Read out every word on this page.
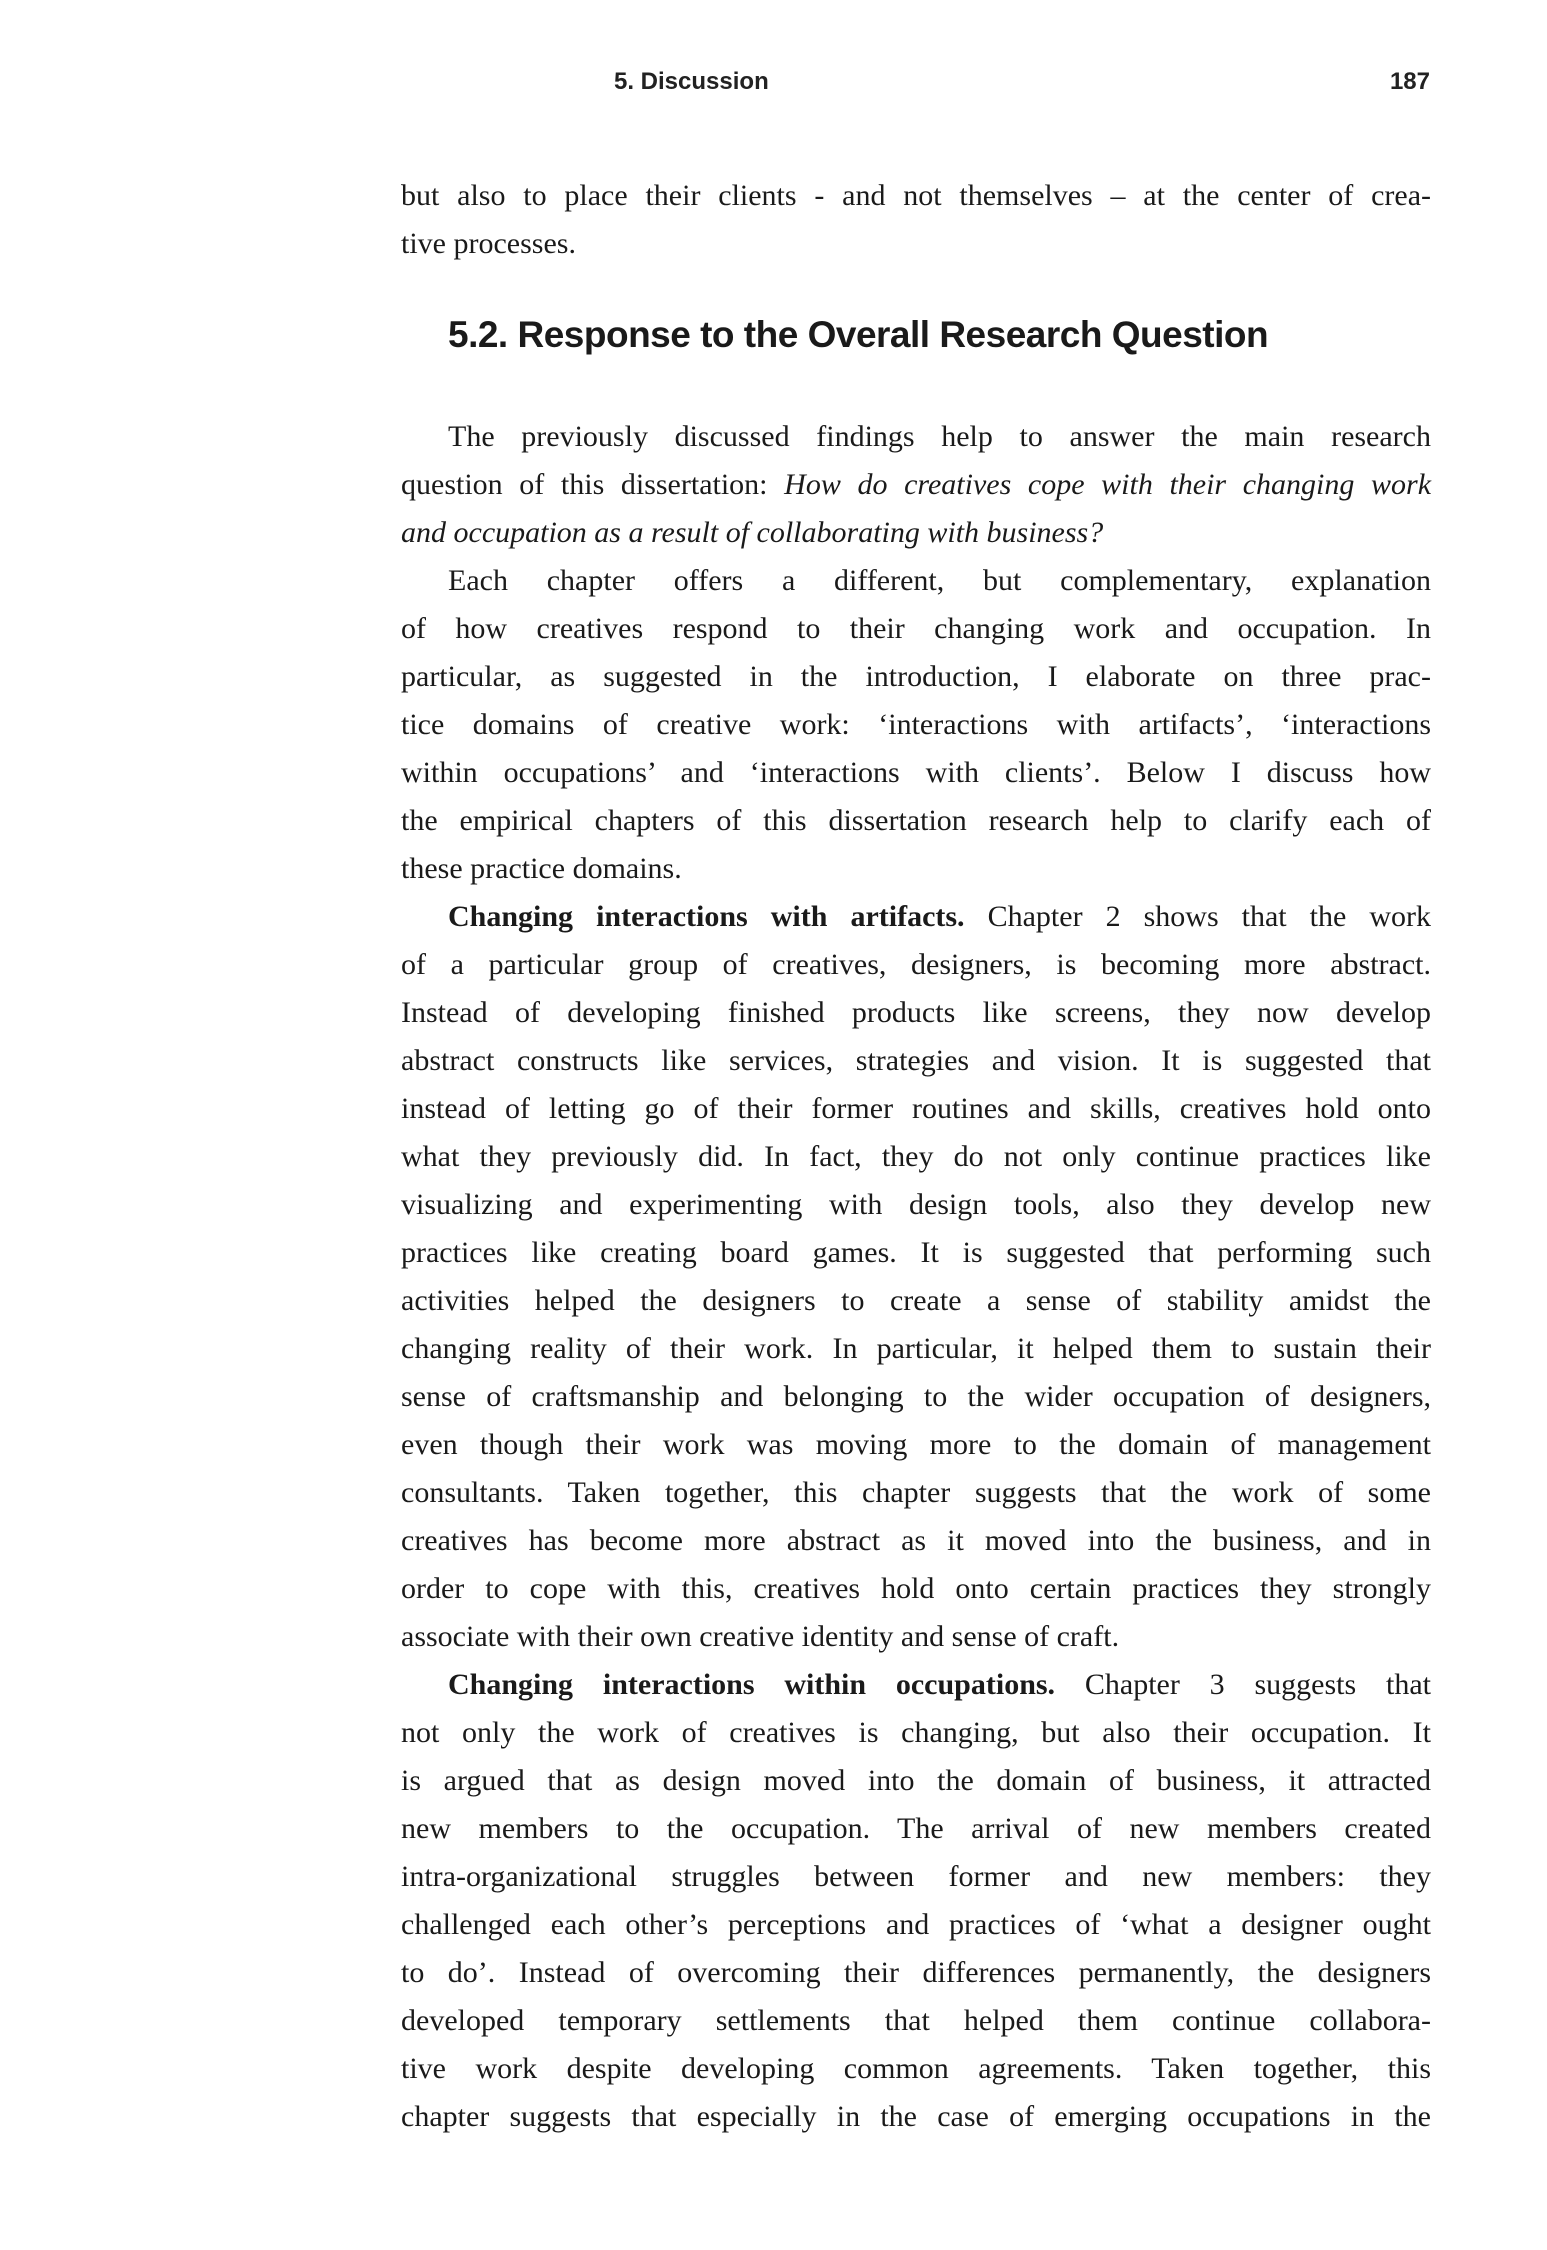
5. Discussion	187
but also to place their clients - and not themselves – at the center of crea-
tive processes.
5.2. Response to the Overall Research Question
The previously discussed findings help to answer the main research
question of this dissertation: How do creatives cope with their changing work
and occupation as a result of collaborating with business?
Each chapter offers a different, but complementary, explanation
of how creatives respond to their changing work and occupation. In
particular, as suggested in the introduction, I elaborate on three prac-
tice domains of creative work: ‘interactions with artifacts’, ‘interactions
within occupations’ and ‘interactions with clients’. Below I discuss how
the empirical chapters of this dissertation research help to clarify each of
these practice domains.
Changing interactions with artifacts. Chapter 2 shows that the work
of a particular group of creatives, designers, is becoming more abstract.
Instead of developing finished products like screens, they now develop
abstract constructs like services, strategies and vision. It is suggested that
instead of letting go of their former routines and skills, creatives hold onto
what they previously did. In fact, they do not only continue practices like
visualizing and experimenting with design tools, also they develop new
practices like creating board games. It is suggested that performing such
activities helped the designers to create a sense of stability amidst the
changing reality of their work. In particular, it helped them to sustain their
sense of craftsmanship and belonging to the wider occupation of designers,
even though their work was moving more to the domain of management
consultants. Taken together, this chapter suggests that the work of some
creatives has become more abstract as it moved into the business, and in
order to cope with this, creatives hold onto certain practices they strongly
associate with their own creative identity and sense of craft.
Changing interactions within occupations. Chapter 3 suggests that
not only the work of creatives is changing, but also their occupation. It
is argued that as design moved into the domain of business, it attracted
new members to the occupation. The arrival of new members created
intra-organizational struggles between former and new members: they
challenged each other’s perceptions and practices of ‘what a designer ought
to do’. Instead of overcoming their differences permanently, the designers
developed temporary settlements that helped them continue collabora-
tive work despite developing common agreements. Taken together, this
chapter suggests that especially in the case of emerging occupations in the
